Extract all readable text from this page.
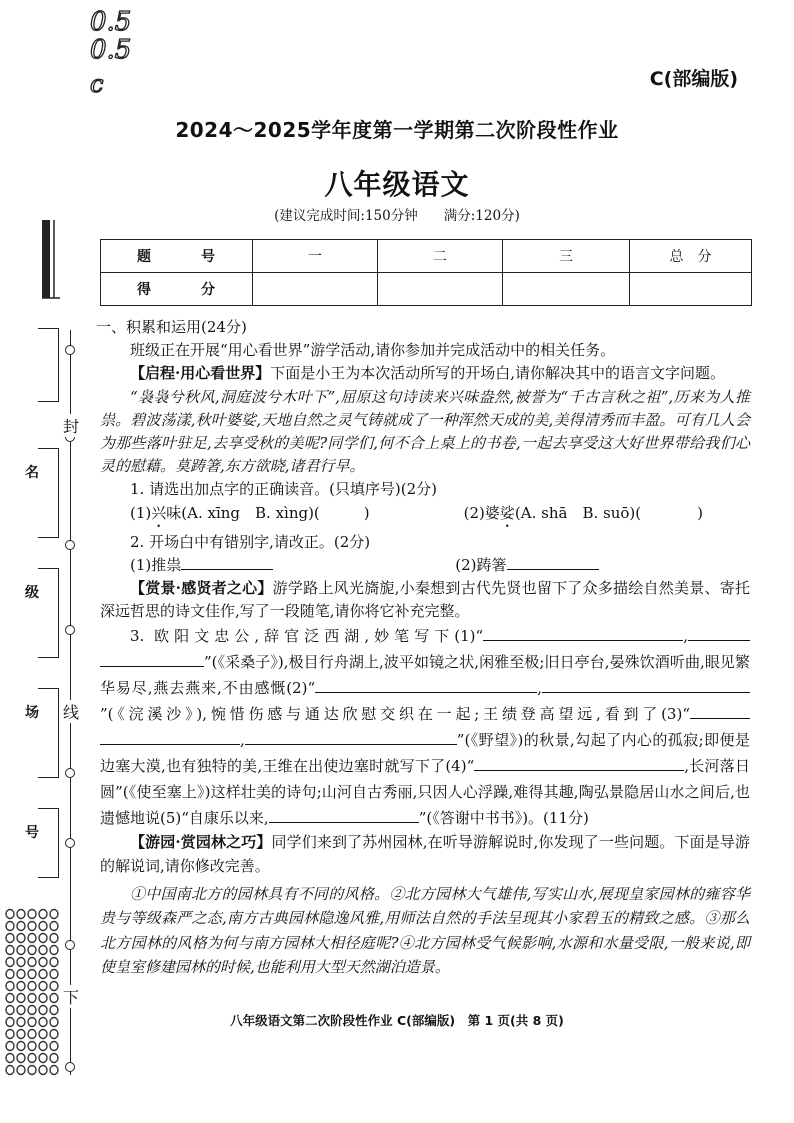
0.5
0.5
c	C(部编版)
2024～2025学年度第一学期第二次阶段性作业
八年级语文
(建议完成时间:150分钟 满分:120分)
题　号	一	二	三	总　分
得　分				
封
线
下
名
级
场
号

一、积累和运用(24分)

班级正在开展“用心看世界”游学活动,请你参加并完成活动中的相关任务。

【启程·用心看世界】下面是小王为本次活动所写的开场白,请你解决其中的语言文字问题。

“袅袅兮秋风,洞庭波兮木叶下”,屈原这句诗读来兴味盎然,被誉为“千古言秋之祖”,历来为人推祟。碧波荡漾,秋叶婆娑,天地自然之灵气铸就成了一种浑然天成的美,美得清秀而丰盈。可有几人会为那些落叶驻足,去享受秋的美呢?同学们,何不合上桌上的书卷,一起去享受这大好世界带给我们心灵的慰藉。莫踌箸,东方欲晓,诸君行早。

1. 请选出加点字的正确读音。(只填序号)(2分)

(1)兴味(A. xīng　B. xìng)(	)	(2)婆娑(A. shā　B. suō)(	)

2. 开场白中有错别字,请改正。(2分)

(1)推祟	(2)踌箸

【赏景·感贤者之心】游学路上风光旖旎,小秦想到古代先贤也留下了众多描绘自然美景、寄托深远哲思的诗文佳作,写了一段随笔,请你将它补充完整。

3. 欧阳文忠公,辞官泛西湖,妙笔写下(1)“	,”(《采桑子》),极目行舟湖上,波平如镜之状,闲雅至极;旧日亭台,晏殊饮酒听曲,眼见繁华易尽,燕去燕来,不由感慨(2)“	,”(《浣溪沙》),惋惜伤感与通达欣慰交织在一起;王绩登高望远,看到了(3)“,	”(《野望》)的秋景,勾起了内心的孤寂;即便是边塞大漠,也有独特的美,王维在出使边塞时就写下了(4)“	,长河落日圆”(《使至塞上》)这样壮美的诗句;山河自古秀丽,只因人心浮躁,难得其趣,陶弘景隐居山水之间后,也遗憾地说(5)“自康乐以来,	”(《答谢中书书》)。(11分)

【游园·赏园林之巧】同学们来到了苏州园林,在听导游解说时,你发现了一些问题。下面是导游的解说词,请你修改完善。

①中国南北方的园林具有不同的风格。②北方园林大气雄伟,写实山水,展现皇家园林的雍容华贵与等级森严之态,南方古典园林隐逸风雅,用师法自然的手法呈现其小家碧玉的精致之感。③那么北方园林的风格为何与南方园林大相径庭呢?④北方园林受气候影响,水源和水量受限,一般来说,即使皇室修建园林的时候,也能利用大型天然湖泊造景。

八年级语文第二次阶段性作业 C(部编版)　第 1 页(共 8 页)
